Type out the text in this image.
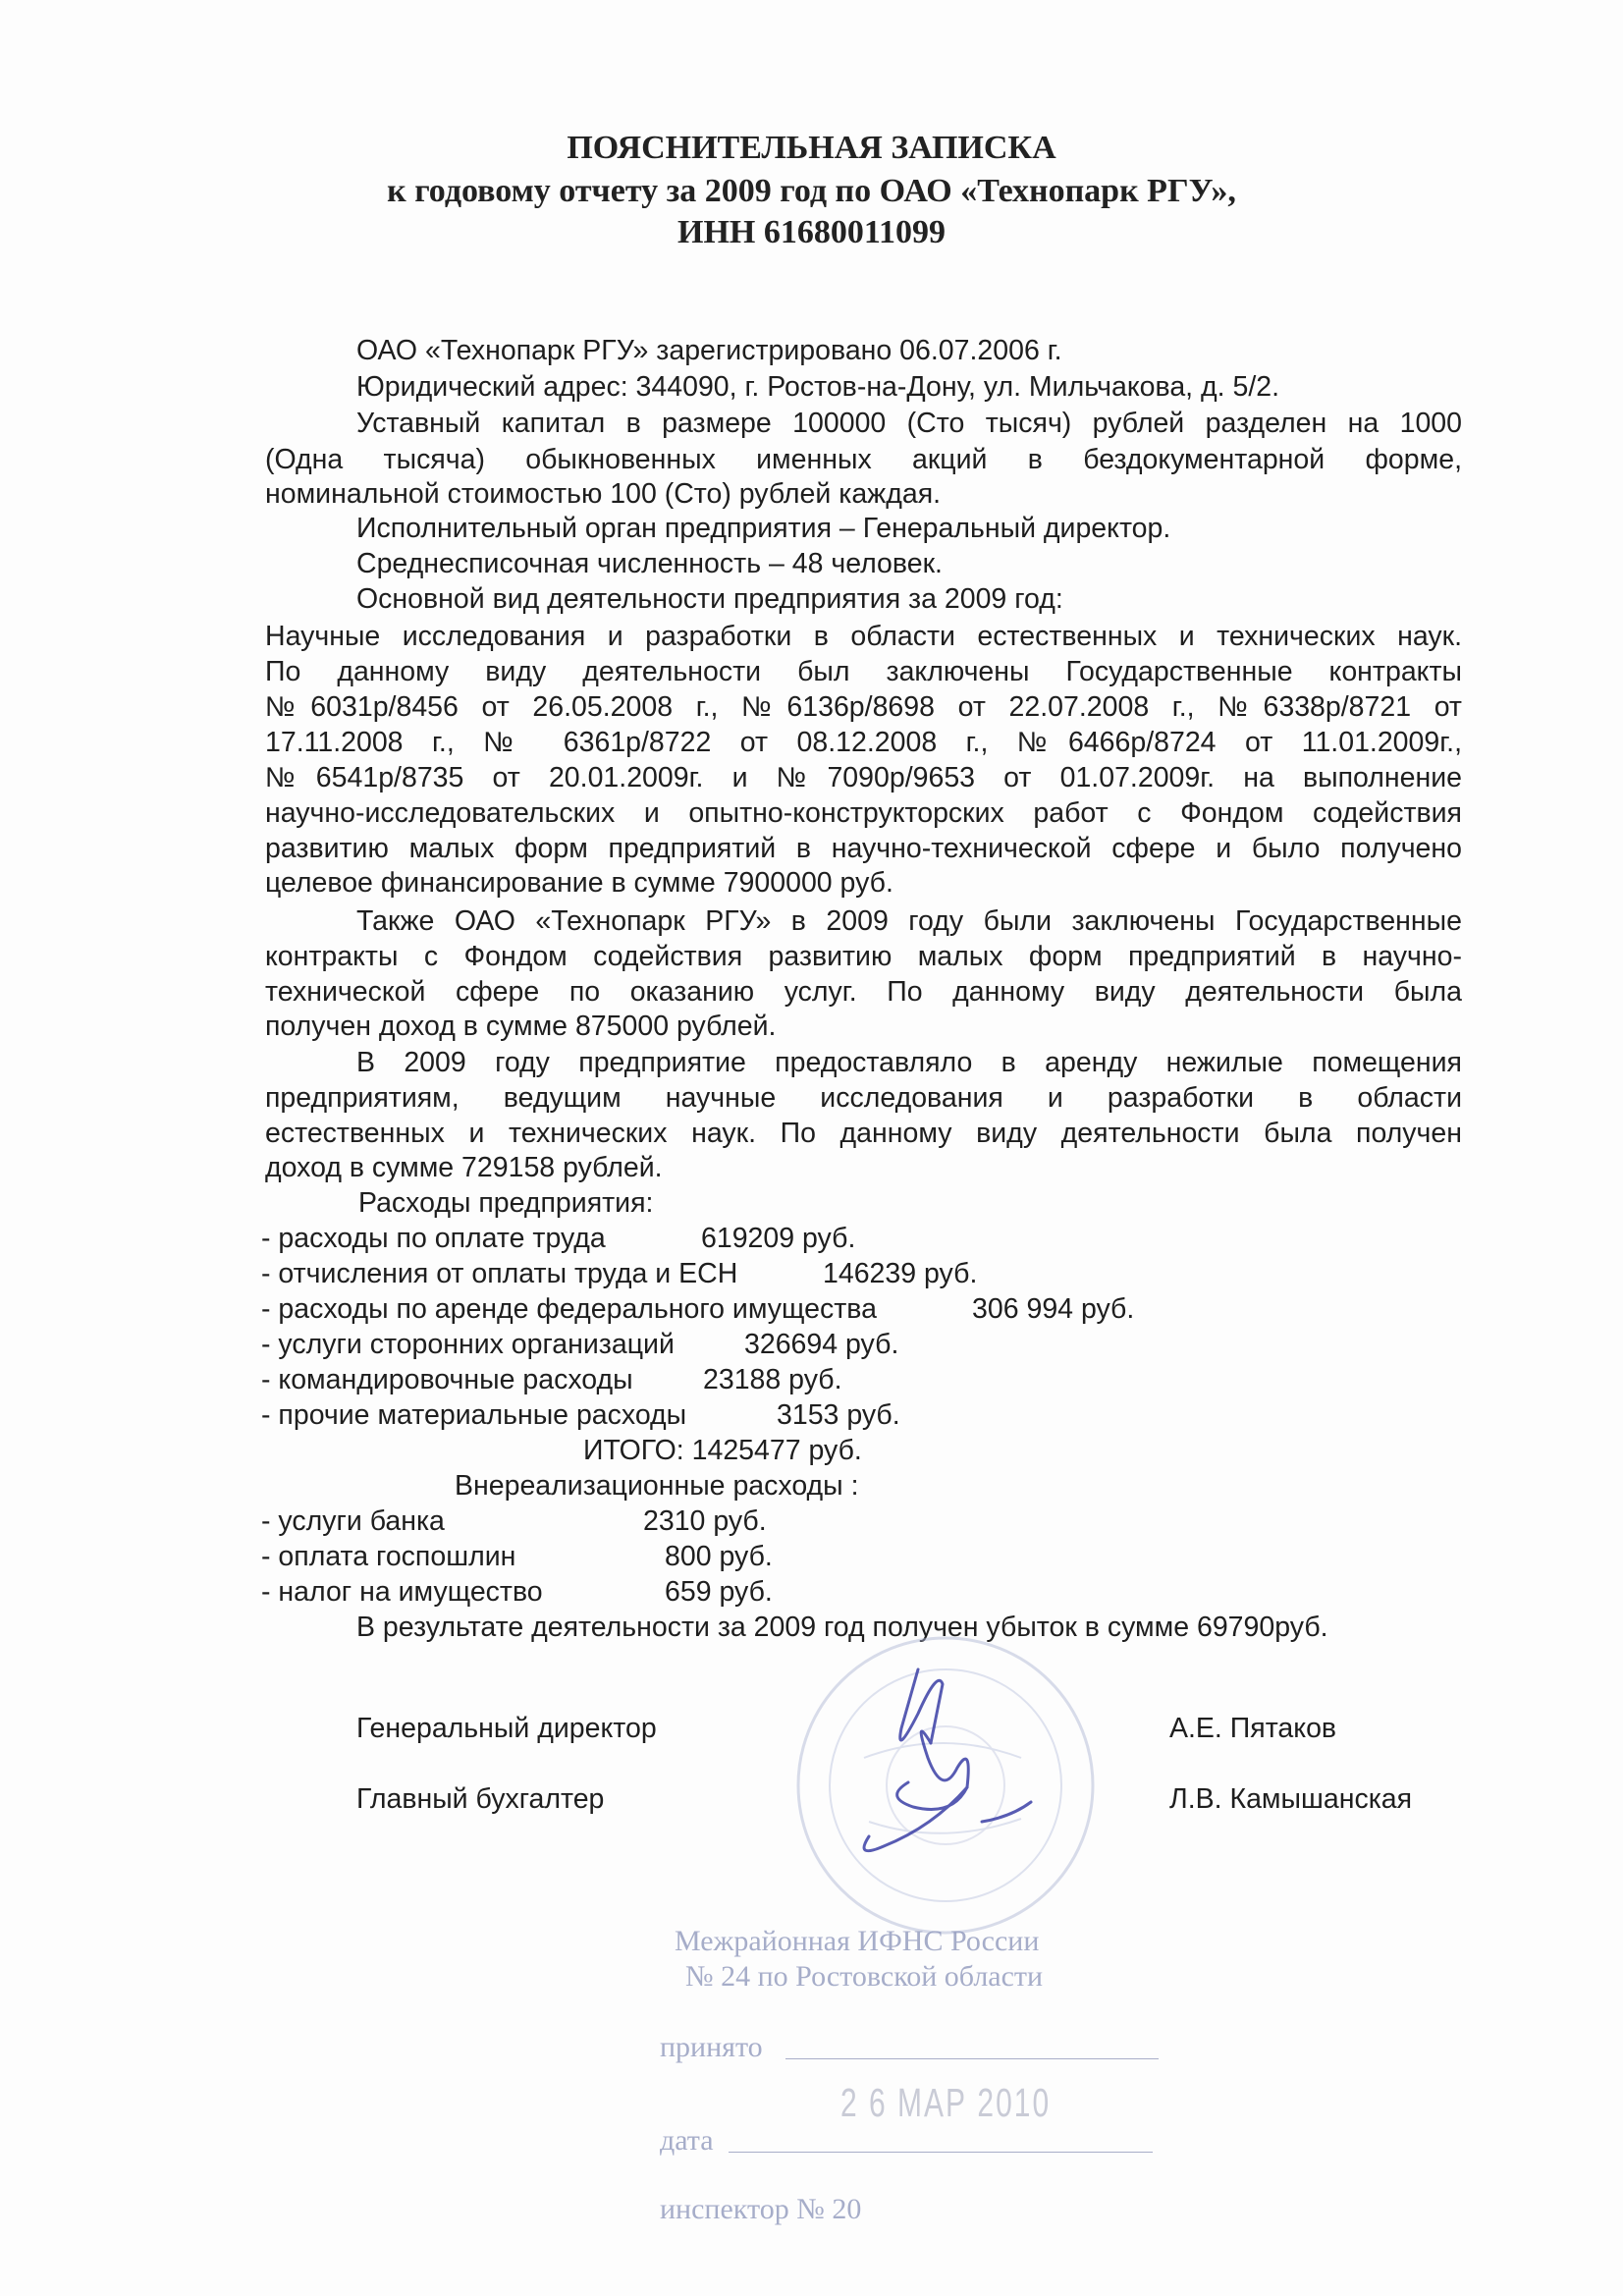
ПОЯСНИТЕЛЬНАЯ ЗАПИСКА
к годовому отчету за 2009 год по ОАО «Технопарк РГУ»,
ИНН 61680011099
ОАО «Технопарк РГУ» зарегистрировано 06.07.2006 г.
Юридический адрес: 344090, г. Ростов-на-Дону, ул. Мильчакова, д. 5/2.
Уставный капитал в размере 100000 (Сто тысяч) рублей разделен на 1000
(Одна тысяча) обыкновенных именных акций в бездокументарной форме,
номинальной стоимостью 100 (Сто) рублей каждая.
Исполнительный орган предприятия – Генеральный директор.
Среднесписочная численность – 48 человек.
Основной вид деятельности предприятия за 2009 год:
Научные исследования и разработки в области естественных и технических наук.
По данному виду деятельности был заключены Государственные контракты
№6031р/8456 от 26.05.2008 г., №6136р/8698 от 22.07.2008 г., №6338р/8721 от
17.11.2008 г., № 6361р/8722 от 08.12.2008 г., №6466р/8724 от 11.01.2009г.,
№6541р/8735 от 20.01.2009г. и №7090р/9653 от 01.07.2009г. на выполнение
научно-исследовательских и опытно-конструкторских работ с Фондом содействия
развитию малых форм предприятий в научно-технической сфере и было получено
целевое финансирование в сумме 7900000 руб.
Также ОАО «Технопарк РГУ» в 2009 году были заключены Государственные
контракты с Фондом содействия развитию малых форм предприятий в научно-
технической сфере по оказанию услуг. По данному виду деятельности была
получен доход в сумме 875000 рублей.
В 2009 году предприятие предоставляло в аренду нежилые помещения
предприятиям, ведущим научные исследования и разработки в области
естественных и технических наук. По данному виду деятельности была получен
доход в сумме 729158 рублей.
Расходы предприятия:
- расходы по оплате труда	619209 руб.
- отчисления от оплаты труда и ЕСН	146239 руб.
- расходы по аренде федерального имущества	306 994 руб.
- услуги сторонних организаций 326694 руб.
- командировочные расходы	23188 руб.
- прочие материальные расходы	3153 руб.
ИТОГО: 1425477 руб.
Внереализационные расходы :
- услуги банка	2310 руб.
- оплата госпошлин	800 руб.
- налог на имущество	659 руб.
В результате деятельности за 2009 год получен убыток в сумме 69790руб.
Генеральный директор	А.Е. Пятаков
Главный бухгалтер	Л.В. Камышанская
Межрайонная ИФНС России
№ 24 по Ростовской области
принято
2 6 МАР 2010
дата
инспектор № 20
